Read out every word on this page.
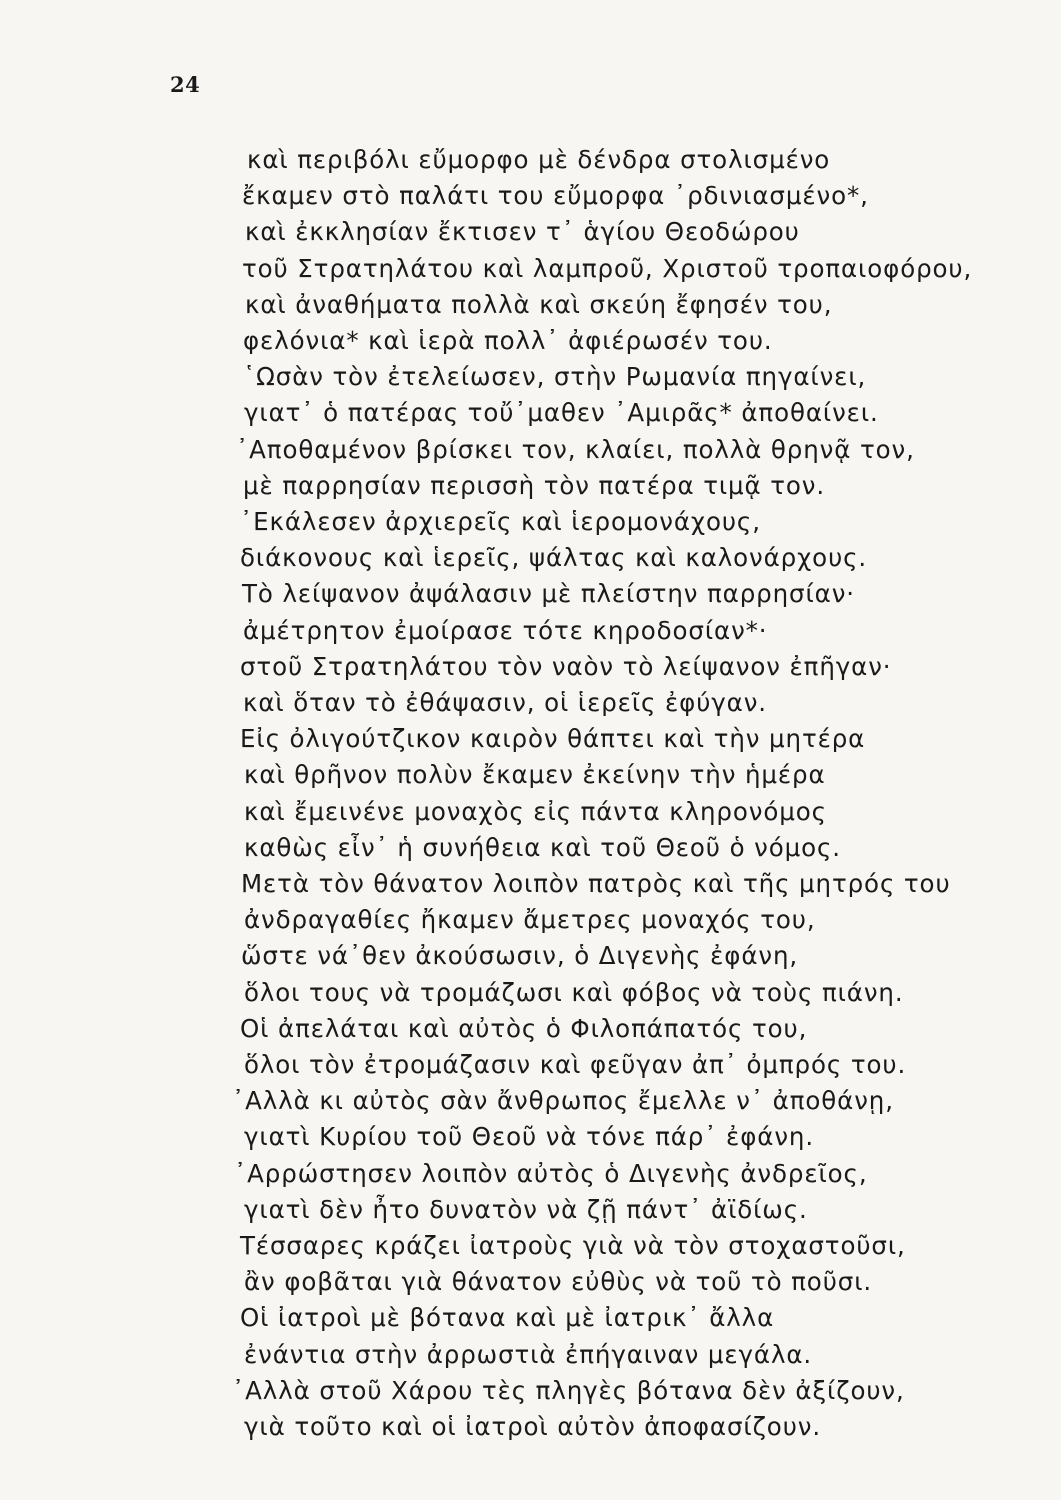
24
καὶ περιβόλι εὔμορφο μὲ δένδρα στολισμένο
ἔκαμεν στὸ παλάτι του εὔμορφα ᾿ρδινιασμένο*,
καὶ ἐκκλησίαν ἔκτισεν τ᾿ ἁγίου Θεοδώρου
τοῦ Στρατηλάτου καὶ λαμπροῦ, Χριστοῦ τροπαιοφόρου,
καὶ ἀναθήματα πολλὰ καὶ σκεύη ἔφησέν του,
φελόνια* καὶ ἱερὰ πολλ᾿ ἀφιέρωσέν του.
῾Ωσὰν τὸν ἐτελείωσεν, στὴν Ρωμανία πηγαίνει,
γιατ᾿ ὁ πατέρας τοὔ᾿μαθεν ᾿Αμιρᾶς* ἀποθαίνει.
᾿Αποθαμένον βρίσκει τον, κλαίει, πολλὰ θρηνᾷ τον,
μὲ παρρησίαν περισσὴ τὸν πατέρα τιμᾷ τον.
᾿Εκάλεσεν ἀρχιερεῖς καὶ ἱερομονάχους,
διάκονους καὶ ἱερεῖς, ψάλτας καὶ καλονάρχους.
Τὸ λείψανον ἀψάλασιν μὲ πλείστην παρρησίαν·
ἀμέτρητον ἐμοίρασε τότε κηροδοσίαν*·
στοῦ Στρατηλάτου τὸν ναὸν τὸ λείψανον ἐπῆγαν·
καὶ ὅταν τὸ ἐθάψασιν, οἱ ἱερεῖς ἐφύγαν.
Εἰς ὀλιγούτζικον καιρὸν θάπτει καὶ τὴν μητέρα
καὶ θρῆνον πολὺν ἔκαμεν ἐκείνην τὴν ἡμέρα
καὶ ἔμεινένε μοναχὸς εἰς πάντα κληρονόμος
καθὼς εἶν᾿ ἡ συνήθεια καὶ τοῦ Θεοῦ ὁ νόμος.
Μετὰ τὸν θάνατον λοιπὸν πατρὸς καὶ τῆς μητρός του
ἀνδραγαθίες ἤκαμεν ἄμετρες μοναχός του,
ὥστε νά᾿θεν ἀκούσωσιν, ὁ Διγενὴς ἐφάνη,
ὅλοι τους νὰ τρομάζωσι καὶ φόβος νὰ τοὺς πιάνη.
Οἱ ἀπελάται καὶ αὐτὸς ὁ Φιλοπάπατός του,
ὅλοι τὸν ἐτρομάζασιν καὶ φεῦγαν ἀπ᾿ ὀμπρός του.
᾿Αλλὰ κι αὐτὸς σὰν ἄνθρωπος ἔμελλε ν᾿ ἀποθάνῃ,
γιατὶ Κυρίου τοῦ Θεοῦ νὰ τόνε πάρ᾿ ἐφάνη.
᾿Αρρώστησεν λοιπὸν αὐτὸς ὁ Διγενὴς ἀνδρεῖος,
γιατὶ δὲν ἦτο δυνατὸν νὰ ζῇ πάντ᾿ ἀϊδίως.
Τέσσαρες κράζει ἰατροὺς γιὰ νὰ τὸν στοχαστοῦσι,
ἂν φοβᾶται γιὰ θάνατον εὐθὺς νὰ τοῦ τὸ ποῦσι.
Οἱ ἰατροὶ μὲ βότανα καὶ μὲ ἰατρικ᾿ ἄλλα
ἐνάντια στὴν ἀρρωστιὰ ἐπήγαιναν μεγάλα.
᾿Αλλὰ στοῦ Χάρου τὲς πληγὲς βότανα δὲν ἀξίζουν,
γιὰ τοῦτο καὶ οἱ ἰατροὶ αὐτὸν ἀποφασίζουν.
